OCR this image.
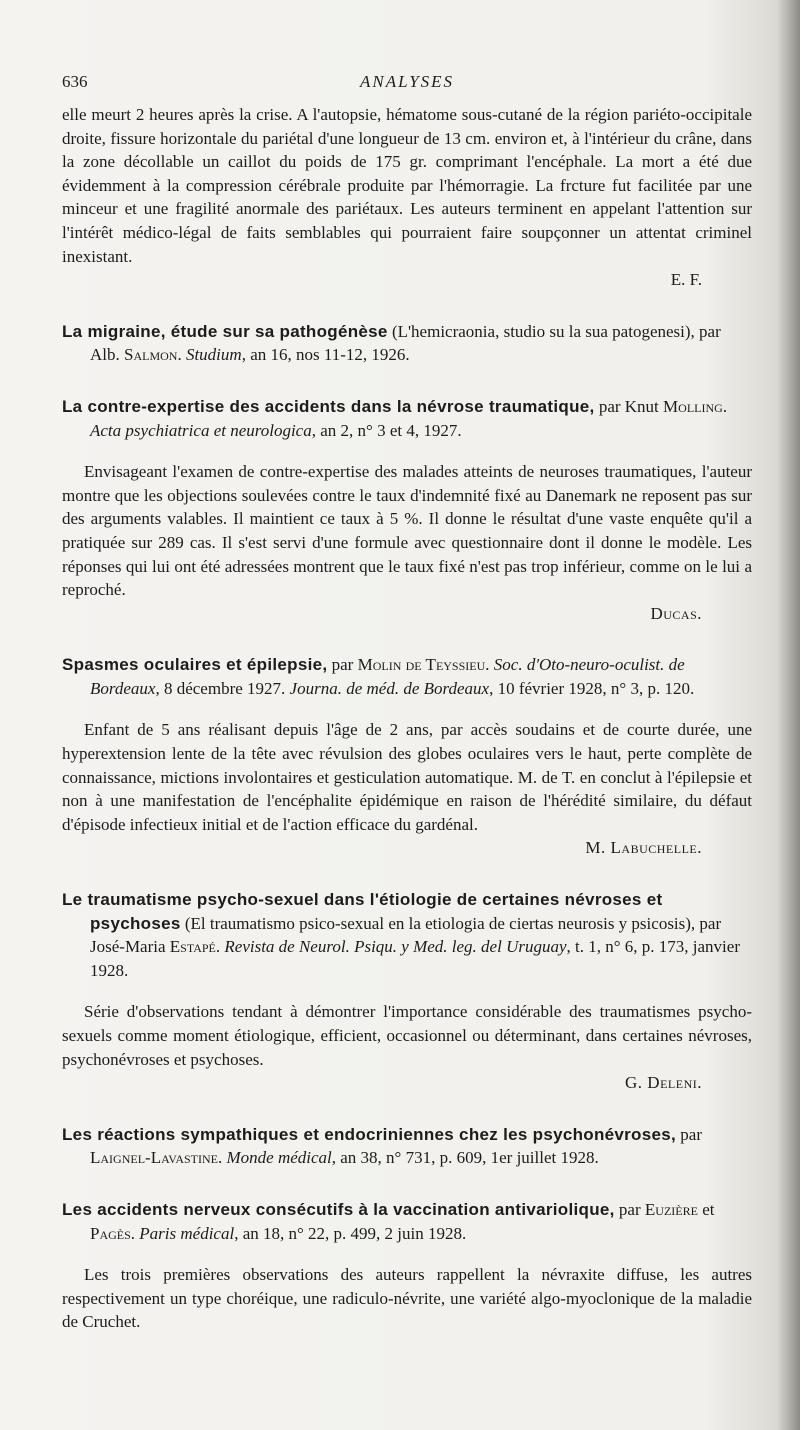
636	ANALYSES

elle meurt 2 heures après la crise. A l'autopsie, hématome sous-cutané de la région pariéto-occipitale droite, fissure horizontale du pariétal d'une longueur de 13 cm. environ et, à l'intérieur du crâne, dans la zone décollable un caillot du poids de 175 gr. comprimant l'encéphale. La mort a été due évidemment à la compression cérébrale produite par l'hémorragie. La frcture fut facilitée par une minceur et une fragilité anormale des pariétaux. Les auteurs terminent en appelant l'attention sur l'intérêt médico-légal de faits semblables qui pourraient faire soupçonner un attentat criminel inexistant.

E. F.

La migraine, étude sur sa pathogénèse (L'hemicraonia, studio su la sua patogenesi), par Alb. Salmon. Studium, an 16, nos 11-12, 1926.

La contre-expertise des accidents dans la névrose traumatique, par Knut Molling. Acta psychiatrica et neurologica, an 2, n° 3 et 4, 1927.

Envisageant l'examen de contre-expertise des malades atteints de neuroses traumatiques, l'auteur montre que les objections soulevées contre le taux d'indemnité fixé au Danemark ne reposent pas sur des arguments valables. Il maintient ce taux à 5 %. Il donne le résultat d'une vaste enquête qu'il a pratiquée sur 289 cas. Il s'est servi d'une formule avec questionnaire dont il donne le modèle. Les réponses qui lui ont été adressées montrent que le taux fixé n'est pas trop inférieur, comme on le lui a reproché.

Ducas.

Spasmes oculaires et épilepsie, par Molin de Teyssieu. Soc. d'Oto-neuro-oculist. de Bordeaux, 8 décembre 1927. Journa. de méd. de Bordeaux, 10 février 1928, n° 3, p. 120.

Enfant de 5 ans réalisant depuis l'âge de 2 ans, par accès soudains et de courte durée, une hyperextension lente de la tête avec révulsion des globes oculaires vers le haut, perte complète de connaissance, mictions involontaires et gesticulation automatique. M. de T. en conclut à l'épilepsie et non à une manifestation de l'encéphalite épidémique en raison de l'hérédité similaire, du défaut d'épisode infectieux initial et de l'action efficace du gardénal.

M. Labuchelle.

Le traumatisme psycho-sexuel dans l'étiologie de certaines névroses et psychoses (El traumatismo psico-sexual en la etiologia de ciertas neurosis y psicosis), par José-Maria Estapé. Revista de Neurol. Psiqu. y Med. leg. del Uruguay, t. 1, n° 6, p. 173, janvier 1928.

Série d'observations tendant à démontrer l'importance considérable des traumatismes psycho-sexuels comme moment étiologique, efficient, occasionnel ou déterminant, dans certaines névroses, psychonévroses et psychoses.

G. Deleni.

Les réactions sympathiques et endocriniennes chez les psychonévroses, par Laignel-Lavastine. Monde médical, an 38, n° 731, p. 609, 1er juillet 1928.

Les accidents nerveux consécutifs à la vaccination antivariolique, par Euzière et Pagès. Paris médical, an 18, n° 22, p. 499, 2 juin 1928.

Les trois premières observations des auteurs rappellent la névraxite diffuse, les autres respectivement un type choréique, une radiculo-névrite, une variété algo-myoclonique de la maladie de Cruchet.
